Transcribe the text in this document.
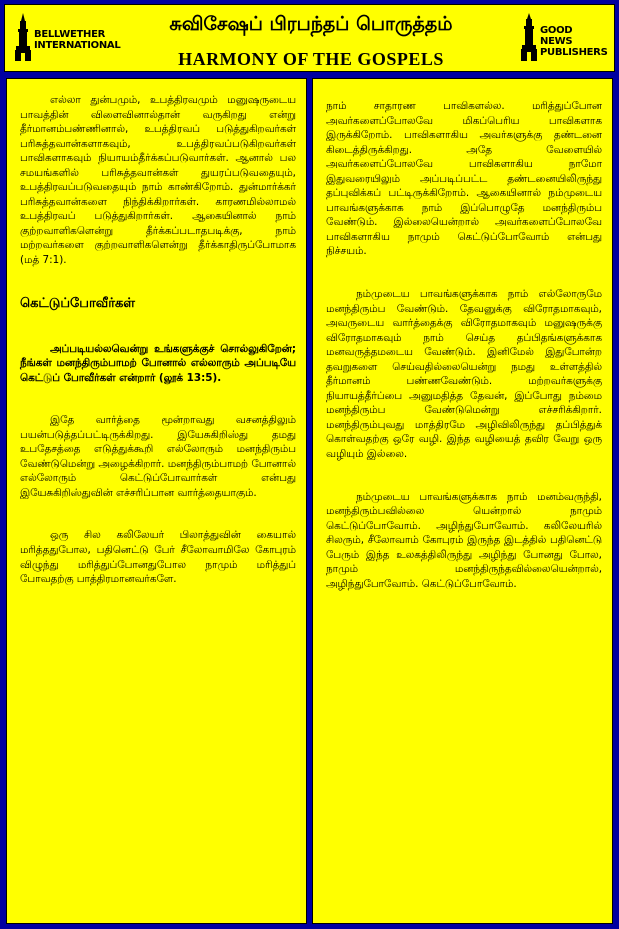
BELLWETHER INTERNATIONAL
சுவிசேஷப் பிரபந்தப் பொருத்தம்
HARMONY OF THE GOSPELS
GOOD NEWS PUBLISHERS

எல்லா துன்பமும், உபத்திரவமும் மனுஷருடைய பாவத்தின் விளைவினால்தான் வருகிறது என்று தீர்மானம்பண்ணினால், உபத்திரவப் படுத்துகிறவர்கள் பரிசுத்தவான்களாகவும், உபத்திரவப்படுகிறவர்கள் பாவிகளாகவும் நியாயம்தீர்க்கப்படுவார்கள். ஆனால் பல சமயங்களில் பரிசுத்தவான்கள் துயரப்படுவதையும், உபத்திரவப்படுவதையும் நாம் காண்கிறோம். துன்மார்க்கர் பரிசுத்தவான்களை நிந்திக்கிறார்கள். காரணமில்லாமல் உபத்திரவப் படுத்துகிறார்கள். ஆகையினால் நாம் குற்றவாளிகளென்று தீர்க்கப்படாதபடிக்கு, நாம் மற்றவர்களை குற்றவாளிகளென்று தீர்க்காதிருப்போமாக (மத் 7:1).

கெட்டுப்போவீர்கள்

அப்படியல்லவென்று உங்களுக்குச் சொல்லுகிறேன்; நீங்கள் மனந்திரும்பாமற் போனால் எல்லாரும் அப்படியே கெட்டுப் போவீர்கள் என்றார் (லூக் 13:5).

இதே வார்த்தை மூன்றாவது வசனத்திலும் பயன்படுத்தப்பட்டிருக்கிறது. இயேசுகிறிஸ்து தமது உபதேசத்தை எடுத்துக்கூறி எல்லோரும் மனந்திரும்ப வேண்டுமென்று அழைக்கிறார். மனந்திரும்பாமற் போனால் எல்லோரும் கெட்டுப்போவார்கள் என்பது இயேசுகிறிஸ்துவின் எச்சரிப்பான வார்த்தையாகும்.

ஒரு சில கலிலேயர் பிலாத்துவின் கையால் மரித்ததுபோல, பதினெட்டு பேர் சீலோவாமிலே கோபுரம் விழுந்து மரித்துப்போனதுபோல நாமும் மரித்துப் போவதற்கு பாத்திரமானவர்களே.

நாம் சாதாரண பாவிகளல்ல. மரித்துப்போன அவர்களைப்போலவே மிகப்பெரிய பாவிகளாக இருக்கிறோம். பாவிகளாகிய அவர்களுக்கு தண்டனை கிடைத்திருக்கிறது. அதே வேளையில் அவர்களைப்போலவே பாவிகளாகிய நாமோ இதுவரையிலும் அப்படிப்பட்ட தண்டனையிலிருந்து தப்புவிக்கப் பட்டிருக்கிறோம். ஆகையினால் நம்முடைய பாவங்களுக்காக நாம் இப்பொழுதே மனந்திரும்ப வேண்டும். இல்லையென்றால் அவர்களைப்போலவே பாவிகளாகிய நாமும் கெட்டுப்போவோம் என்பது நிச்சயம்.

நம்முடைய பாவங்களுக்காக நாம் எல்லோருமே மனந்திரும்ப வேண்டும். தேவனுக்கு விரோதமாகவும், அவருடைய வார்த்தைக்கு விரோதமாகவும் மனுஷருக்கு விரோதமாகவும் நாம் செய்த தப்பிதங்களுக்காக மனவருத்தமடைய வேண்டும். இனிமேல் இதுபோன்ற தவறுகளை செய்வதில்லையென்று நமது உள்ளத்தில் தீர்மானம் பண்ணவேண்டும். மற்றவர்களுக்கு நியாயத்தீர்ப்பை அனுமதித்த தேவன், இப்போது நம்மை மனந்திரும்ப வேண்டுமென்று எச்சரிக்கிறார். மனந்திரும்புவது மாத்திரமே அழிவிலிருந்து தப்பித்துக் கொள்வதற்கு ஒரே வழி. இந்த வழியைத் தவிர வேறு ஒரு வழியும் இல்லை.

நம்முடைய பாவங்களுக்காக நாம் மனம்வருந்தி, மனந்திரும்பவில்லை யென்றால் நாமும் கெட்டுப்போவோம். அழிந்துபோவோம். கலிலேயரில் சிலரும், சீலோவாம் கோபுரம் இருந்த இடத்தில் பதினெட்டு பேரும் இந்த உலகத்திலிருந்து அழிந்து போனது போல, நாமும் மனந்திருந்தவில்லையென்றால், அழிந்துபோவோம். கெட்டுப்போவோம்.
